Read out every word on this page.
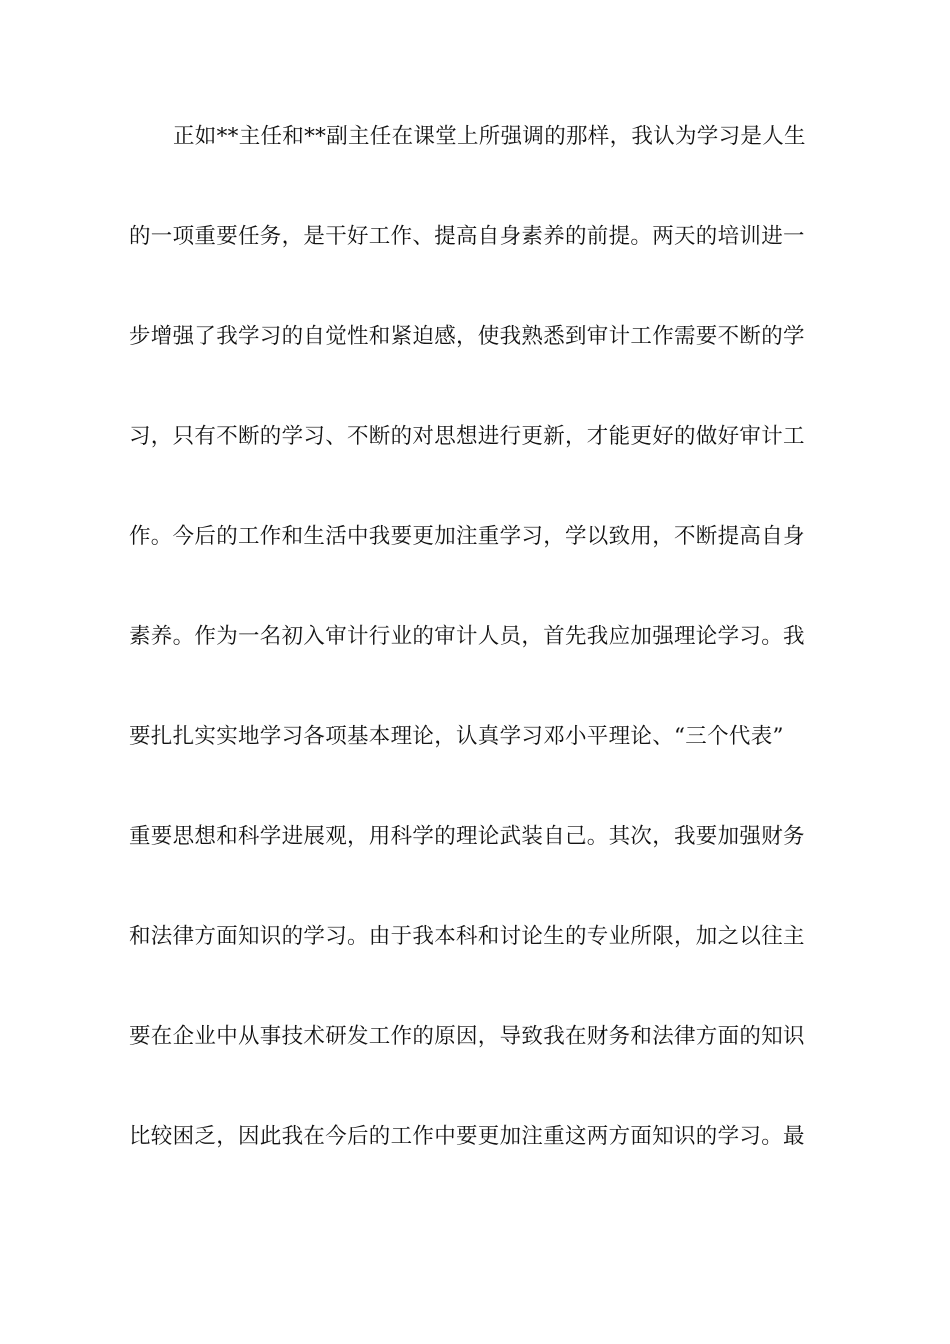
正如**主任和**副主任在课堂上所强调的那样，我认为学习是人生
的一项重要任务，是干好工作、提高自身素养的前提。两天的培训进一
步增强了我学习的自觉性和紧迫感，使我熟悉到审计工作需要不断的学
习，只有不断的学习、不断的对思想进行更新，才能更好的做好审计工
作。今后的工作和生活中我要更加注重学习，学以致用，不断提高自身
素养。作为一名初入审计行业的审计人员，首先我应加强理论学习。我
要扎扎实实地学习各项基本理论，认真学习邓小平理论、“三个代表”
重要思想和科学进展观，用科学的理论武装自己。其次，我要加强财务
和法律方面知识的学习。由于我本科和讨论生的专业所限，加之以往主
要在企业中从事技术研发工作的原因，导致我在财务和法律方面的知识
比较困乏，因此我在今后的工作中要更加注重这两方面知识的学习。最
